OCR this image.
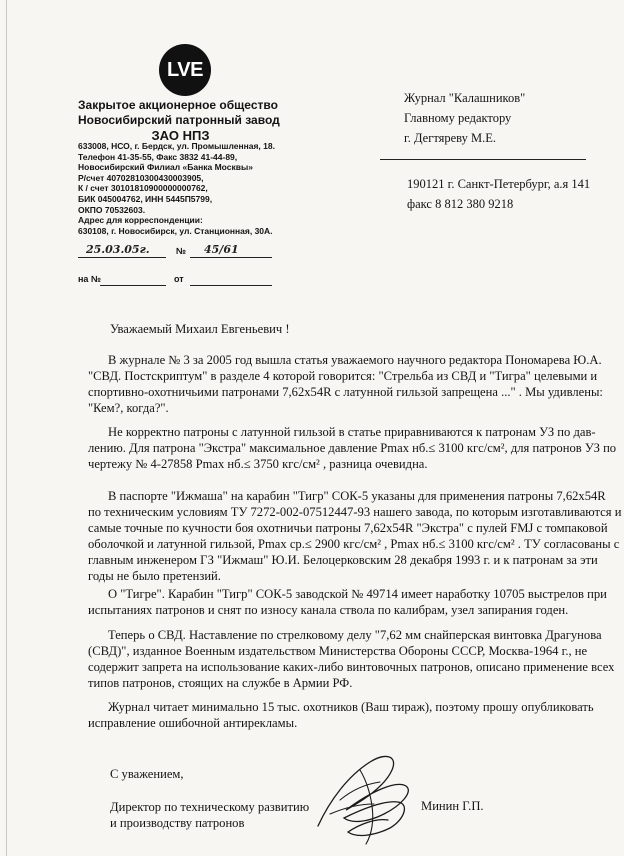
LVE
Закрытое акционерное общество
Новосибирский патронный завод
ЗАО НПЗ
633008, НСО, г. Бердск, ул. Промышленная, 18.
Телефон 41-35-55, Факс 3832 41-44-89,
Новосибирский Филиал «Банка Москвы»
Р/счет 40702810300430003905,
К / счет 30101810900000000762,
БИК 045004762, ИНН 5445П5799,
ОКПО 70532603.
Адрес для корреспонденции:
630108, г. Новосибирск, ул. Станционная, 30А.
25.03.05г.	№ 45/61
на №	от
Журнал "Калашников"
Главному редактору
г. Дегтяреву М.Е.
190121 г. Санкт-Петербург, а.я 141
факс 8 812 380 9218
Уважаемый Михаил Евгеньевич !
В журнале № 3 за 2005 год вышла статья уважаемого научного редактора Пономарева Ю.А.
"СВД. Постскриптум" в разделе 4 которой говорится: "Стрельба из СВД и "Тигра" целевыми и
спортивно-охотничьими патронами 7,62х54R с латунной гильзой запрещена ..." . Мы удивлены:
"Кем?, когда?".
Не корректно патроны с латунной гильзой в статье приравниваются к патронам УЗ по дав-
лению. Для патрона "Экстра" максимальное давление Pmax нб.≤ 3100 кгс/см², для патронов УЗ по
чертежу № 4-27858 Pmax нб.≤ 3750 кгс/см² , разница очевидна.
В паспорте "Ижмаша" на карабин "Тигр" СОК-5 указаны для применения патроны 7,62х54R
по техническим условиям ТУ 7272-002-07512447-93 нашего завода, по которым изготавливаются и
самые точные по кучности боя охотничьи патроны 7,62х54R "Экстра" с пулей FMJ с томпаковой
оболочкой и латунной гильзой, Pmax ср.≤ 2900 кгс/см² , Pmax нб.≤ 3100 кгс/см² . ТУ согласованы с
главным инженером ГЗ "Ижмаш" Ю.И. Белоцерковским 28 декабря 1993 г. и к патронам за эти
годы не было претензий.
О "Тигре". Карабин "Тигр" СОК-5 заводской № 49714 имеет наработку 10705 выстрелов при
испытаниях патронов и снят по износу канала ствола по калибрам, узел запирания годен.
Теперь о СВД. Наставление по стрелковому делу "7,62 мм снайперская винтовка Драгунова
(СВД)", изданное Военным издательством Министерства Обороны СССР, Москва-1964 г., не
содержит запрета на использование каких-либо винтовочных патронов, описано применение всех
типов патронов, стоящих на службе в Армии РФ.
Журнал читает минимально 15 тыс. охотников (Ваш тираж), поэтому прошу опубликовать
исправление ошибочной антирекламы.
С уважением,
Директор по техническому развитию
и производству патронов
Минин Г.П.
